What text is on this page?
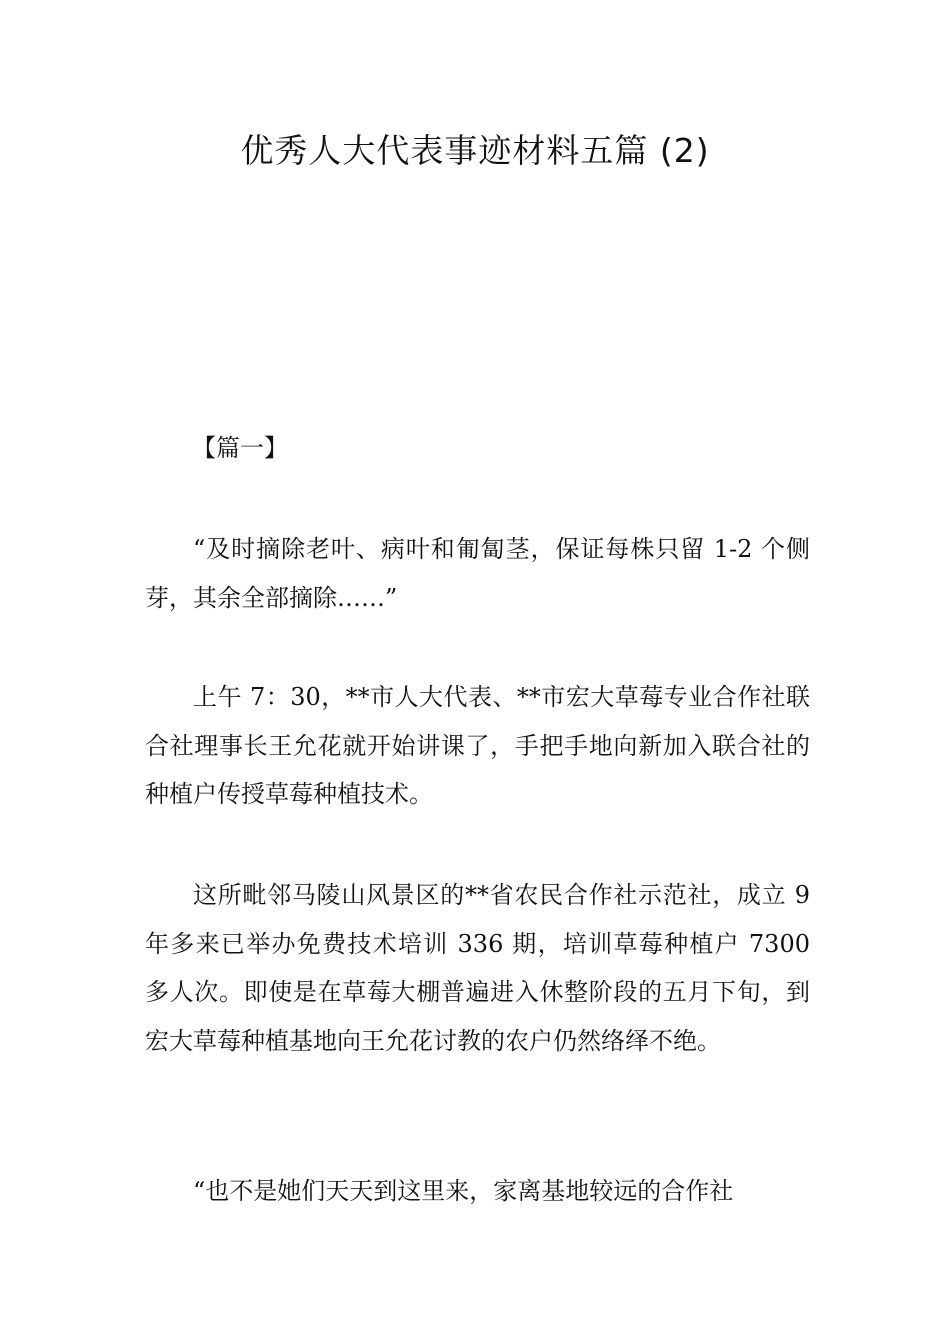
优秀人大代表事迹材料五篇 (2)

【篇一】

“及时摘除老叶、病叶和匍匐茎，保证每株只留 1-2 个侧芽，其余全部摘除……”

上午 7：30，**市人大代表、**市宏大草莓专业合作社联合社理事长王允花就开始讲课了，手把手地向新加入联合社的种植户传授草莓种植技术。

这所毗邻马陵山风景区的**省农民合作社示范社，成立 9 年多来已举办免费技术培训 336 期，培训草莓种植户 7300 多人次。即使是在草莓大棚普遍进入休整阶段的五月下旬，到宏大草莓种植基地向王允花讨教的农户仍然络绎不绝。

“也不是她们天天到这里来，家离基地较远的合作社
